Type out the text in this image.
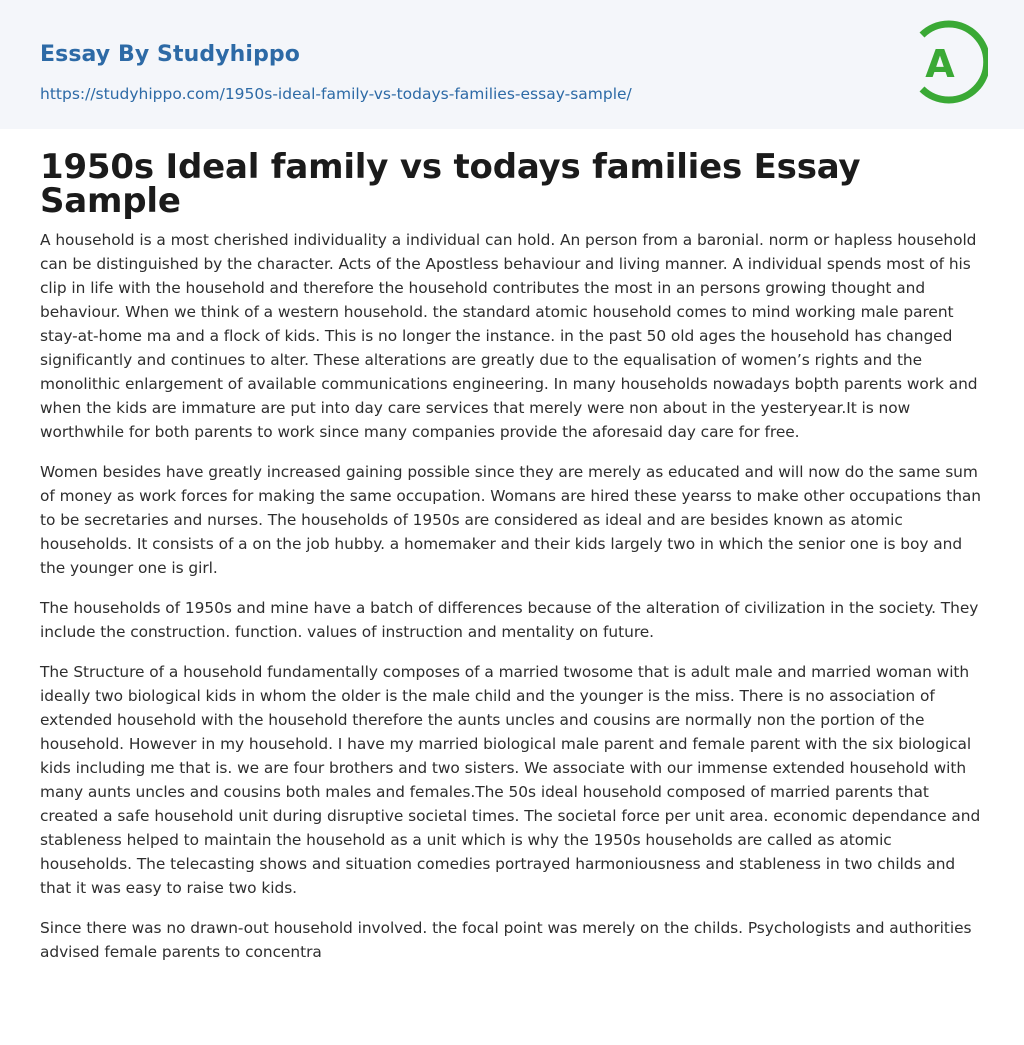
Essay By Studyhippo
https://studyhippo.com/1950s-ideal-family-vs-todays-families-essay-sample/
A
1950s Ideal family vs todays families Essay Sample

A household is a most cherished individuality a individual can hold. An person from a baronial. norm or hapless household can be distinguished by the character. Acts of the Apostless behaviour and living manner. A individual spends most of his clip in life with the household and therefore the household contributes the most in an persons growing thought and behaviour. When we think of a western household. the standard atomic household comes to mind working male parent stay-at-home ma and a flock of kids. This is no longer the instance. in the past 50 old ages the household has changed significantly and continues to alter. These alterations are greatly due to the equalisation of women’s rights and the monolithic enlargement of available communications engineering. In many households nowadays boþth parents work and when the kids are immature are put into day care services that merely were non about in the yesteryear.It is now worthwhile for both parents to work since many companies provide the aforesaid day care for free.

Women besides have greatly increased gaining possible since they are merely as educated and will now do the same sum of money as work forces for making the same occupation. Womans are hired these yearss to make other occupations than to be secretaries and nurses. The households of 1950s are considered as ideal and are besides known as atomic households. It consists of a on the job hubby. a homemaker and their kids largely two in which the senior one is boy and the younger one is girl.

The households of 1950s and mine have a batch of differences because of the alteration of civilization in the society. They include the construction. function. values of instruction and mentality on future.

The Structure of a household fundamentally composes of a married twosome that is adult male and married woman with ideally two biological kids in whom the older is the male child and the younger is the miss. There is no association of extended household with the household therefore the aunts uncles and cousins are normally non the portion of the household. However in my household. I have my married biological male parent and female parent with the six biological kids including me that is. we are four brothers and two sisters. We associate with our immense extended household with many aunts uncles and cousins both males and females.The 50s ideal household composed of married parents that created a safe household unit during disruptive societal times. The societal force per unit area. economic dependance and stableness helped to maintain the household as a unit which is why the 1950s households are called as atomic households. The telecasting shows and situation comedies portrayed harmoniousness and stableness in two childs and that it was easy to raise two kids.

Since there was no drawn-out household involved. the focal point was merely on the childs. Psychologists and authorities advised female parents to concentra
